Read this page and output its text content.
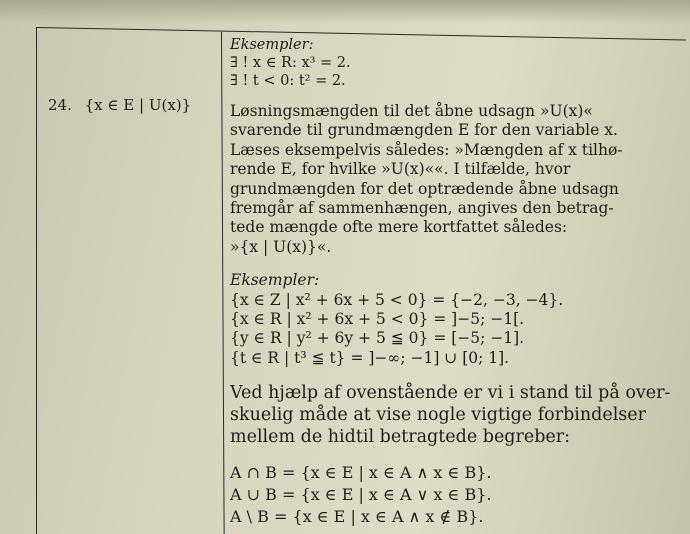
24. {x ∈ E | U(x)}

Eksempler:

∃ ! x ∈ R: x³ = 2.

∃ ! t < 0: t² = 2.

Løsningsmængden til det åbne udsagn »U(x)«

svarende til grundmængden E for den variable x.

Læses eksempelvis således: »Mængden af x tilhø-

rende E, for hvilke »U(x)««. I tilfælde, hvor

grundmængden for det optrædende åbne udsagn

fremgår af sammenhængen, angives den betrag-

tede mængde ofte mere kortfattet således:

»{x | U(x)}«.

Eksempler:

{x ∈ Z | x² + 6x + 5 < 0} = {−2, −3, −4}.

{x ∈ R | x² + 6x + 5 < 0} = ]−5; −1[.

{y ∈ R | y² + 6y + 5 ≦ 0} = [−5; −1].

{t ∈ R | t³ ≦ t} = ]−∞; −1] ∪ [0; 1].

Ved hjælp af ovenstående er vi i stand til på over-

skuelig måde at vise nogle vigtige forbindelser

mellem de hidtil betragtede begreber:

A ∩ B = {x ∈ E | x ∈ A ∧ x ∈ B}.

A ∪ B = {x ∈ E | x ∈ A ∨ x ∈ B}.

A \ B = {x ∈ E | x ∈ A ∧ x ∉ B}.
